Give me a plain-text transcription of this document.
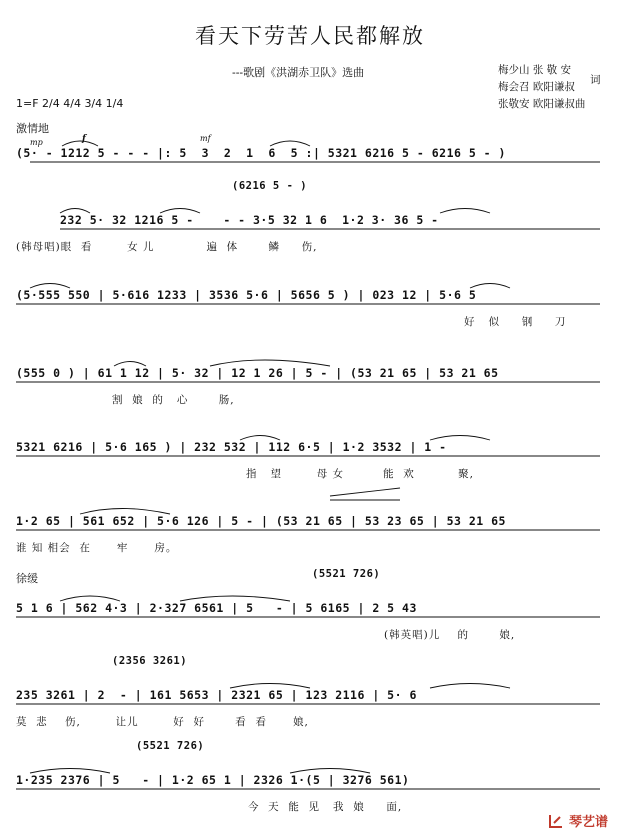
看天下劳苦人民都解放
---歌剧《洪湖赤卫队》选曲	梅少山 张 敬 安
梅会召 欧阳谦叔
张敬安 欧阳谦叔曲
词
1=F 2/4 4/4 3/4 1/4
激情地
徐缓
mp	f	mf
(5· - 1212 5 - - - |: 5  3  2  1  6  5 :| 5321 6216 5 - 6216 5 - )
(6216 5 - )
232 5· 32 1216 5 -    - - 3·5 32 1 6  1·2 3· 36 5 -
(韩母唱)眼  看        女 儿            遍  体       鳞     伤,
(5·555 550 | 5·616 1233 | 3536 5·6 | 5656 5 ) | 023 12 | 5·6 5
好   似     钢     刀
(555 0 ) | 61 1 12 | 5· 32 | 12 1 26 | 5 - | (53 21 65 | 53 21 65
割  娘  的   心       肠,
5321 6216 | 5·6 165 ) | 232 532 | 112 6·5 | 1·2 3532 | 1 -
指   望        母 女         能  欢          聚,
1·2 65 | 561 652 | 5·6 126 | 5 - | (53 21 65 | 53 23 65 | 53 21 65
谁 知 相会  在      牢      房。
(5521 726)
5 1 6 | 562 4·3 | 2·327 6561 | 5   - | 5 6165 | 2 5 43
(韩英唱)儿    的       娘,
(2356 3261)
235 3261 | 2  - | 161 5653 | 2321 65 | 123 2116 | 5· 6
莫  悲    伤,        让儿        好  好       看  看      娘,
(5521 726)
1·235 2376 | 5   - | 1·2 65 1 | 2326 1·(5 | 3276 561)
今  天  能  见   我  娘     面,
琴艺谱
